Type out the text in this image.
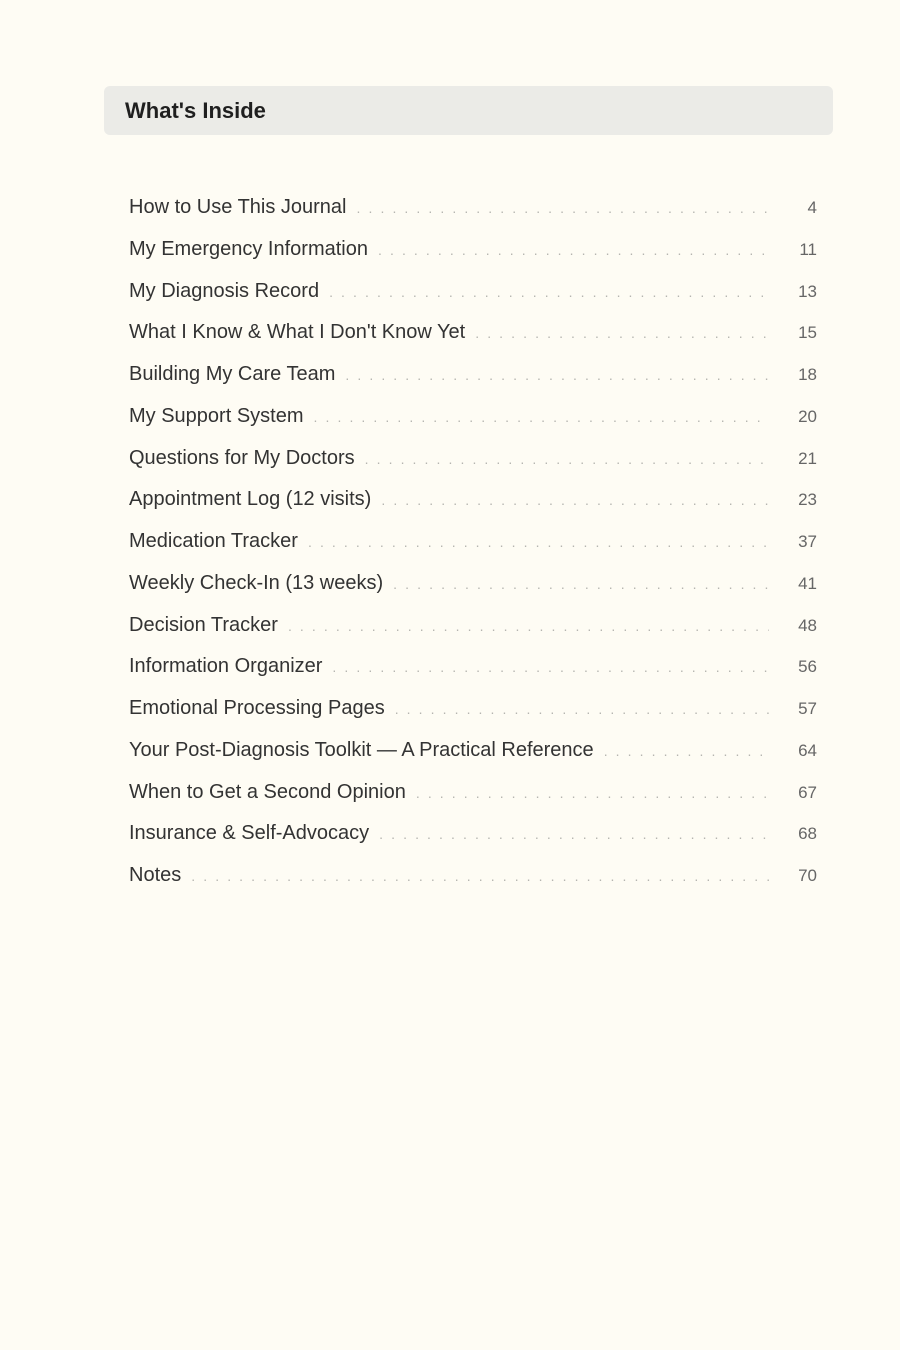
What's Inside
How to Use This Journal . . .	4
My Emergency Information . . .	11
My Diagnosis Record . . .	13
What I Know & What I Don't Know Yet . . .	15
Building My Care Team . . .	18
My Support System . . .	20
Questions for My Doctors . . .	21
Appointment Log (12 visits) . . .	23
Medication Tracker . . .	37
Weekly Check-In (13 weeks) . . .	41
Decision Tracker . . .	48
Information Organizer . . .	56
Emotional Processing Pages . . .	57
Your Post-Diagnosis Toolkit — A Practical Reference . . .	64
When to Get a Second Opinion . . .	67
Insurance & Self-Advocacy . . .	68
Notes . . .	70
